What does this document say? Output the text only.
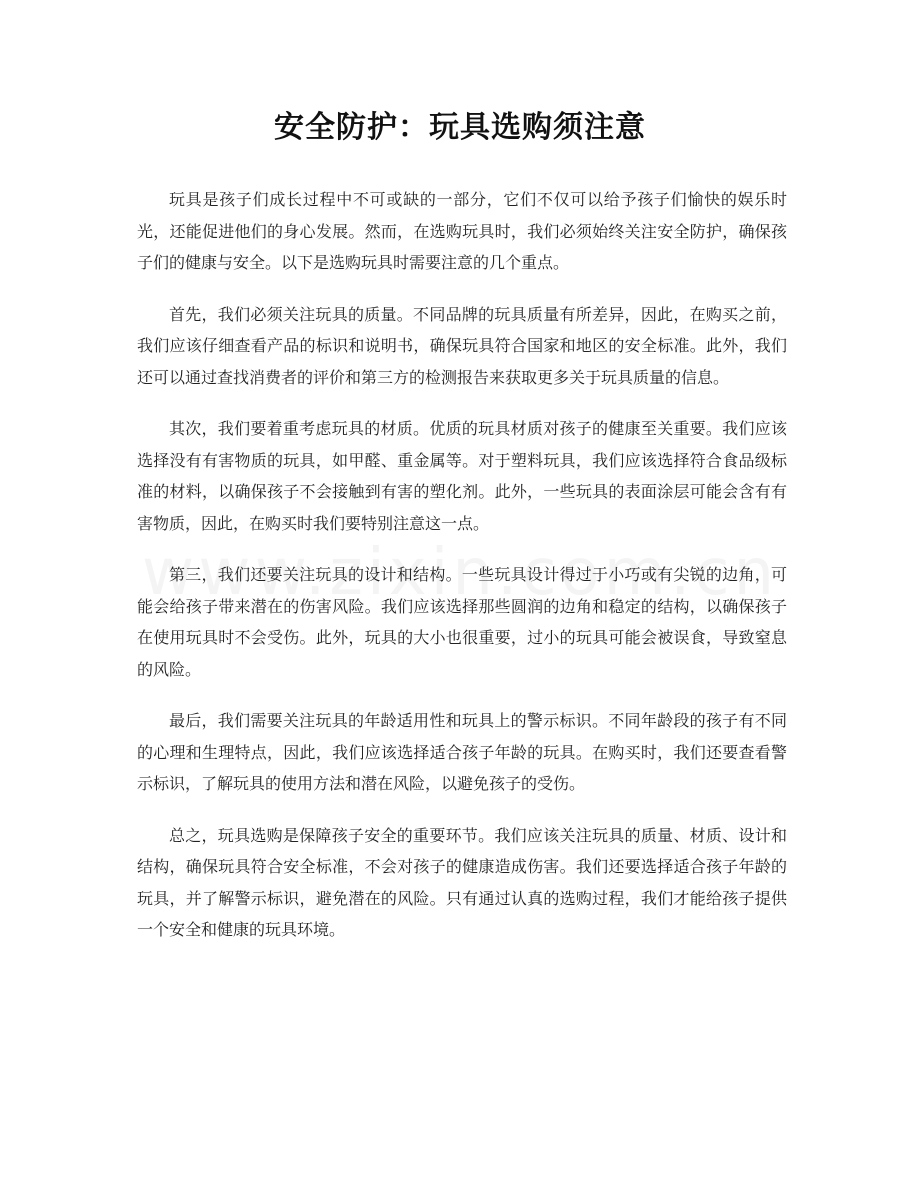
安全防护：玩具选购须注意

玩具是孩子们成长过程中不可或缺的一部分，它们不仅可以给予孩子们愉快的娱乐时光，还能促进他们的身心发展。然而，在选购玩具时，我们必须始终关注安全防护，确保孩子们的健康与安全。以下是选购玩具时需要注意的几个重点。

首先，我们必须关注玩具的质量。不同品牌的玩具质量有所差异，因此，在购买之前，我们应该仔细查看产品的标识和说明书，确保玩具符合国家和地区的安全标准。此外，我们还可以通过查找消费者的评价和第三方的检测报告来获取更多关于玩具质量的信息。

其次，我们要着重考虑玩具的材质。优质的玩具材质对孩子的健康至关重要。我们应该选择没有有害物质的玩具，如甲醛、重金属等。对于塑料玩具，我们应该选择符合食品级标准的材料，以确保孩子不会接触到有害的塑化剂。此外，一些玩具的表面涂层可能会含有有害物质，因此，在购买时我们要特别注意这一点。

第三，我们还要关注玩具的设计和结构。一些玩具设计得过于小巧或有尖锐的边角，可能会给孩子带来潜在的伤害风险。我们应该选择那些圆润的边角和稳定的结构，以确保孩子在使用玩具时不会受伤。此外，玩具的大小也很重要，过小的玩具可能会被误食，导致窒息的风险。

最后，我们需要关注玩具的年龄适用性和玩具上的警示标识。不同年龄段的孩子有不同的心理和生理特点，因此，我们应该选择适合孩子年龄的玩具。在购买时，我们还要查看警示标识，了解玩具的使用方法和潜在风险，以避免孩子的受伤。

总之，玩具选购是保障孩子安全的重要环节。我们应该关注玩具的质量、材质、设计和结构，确保玩具符合安全标准，不会对孩子的健康造成伤害。我们还要选择适合孩子年龄的玩具，并了解警示标识，避免潜在的风险。只有通过认真的选购过程，我们才能给孩子提供一个安全和健康的玩具环境。
